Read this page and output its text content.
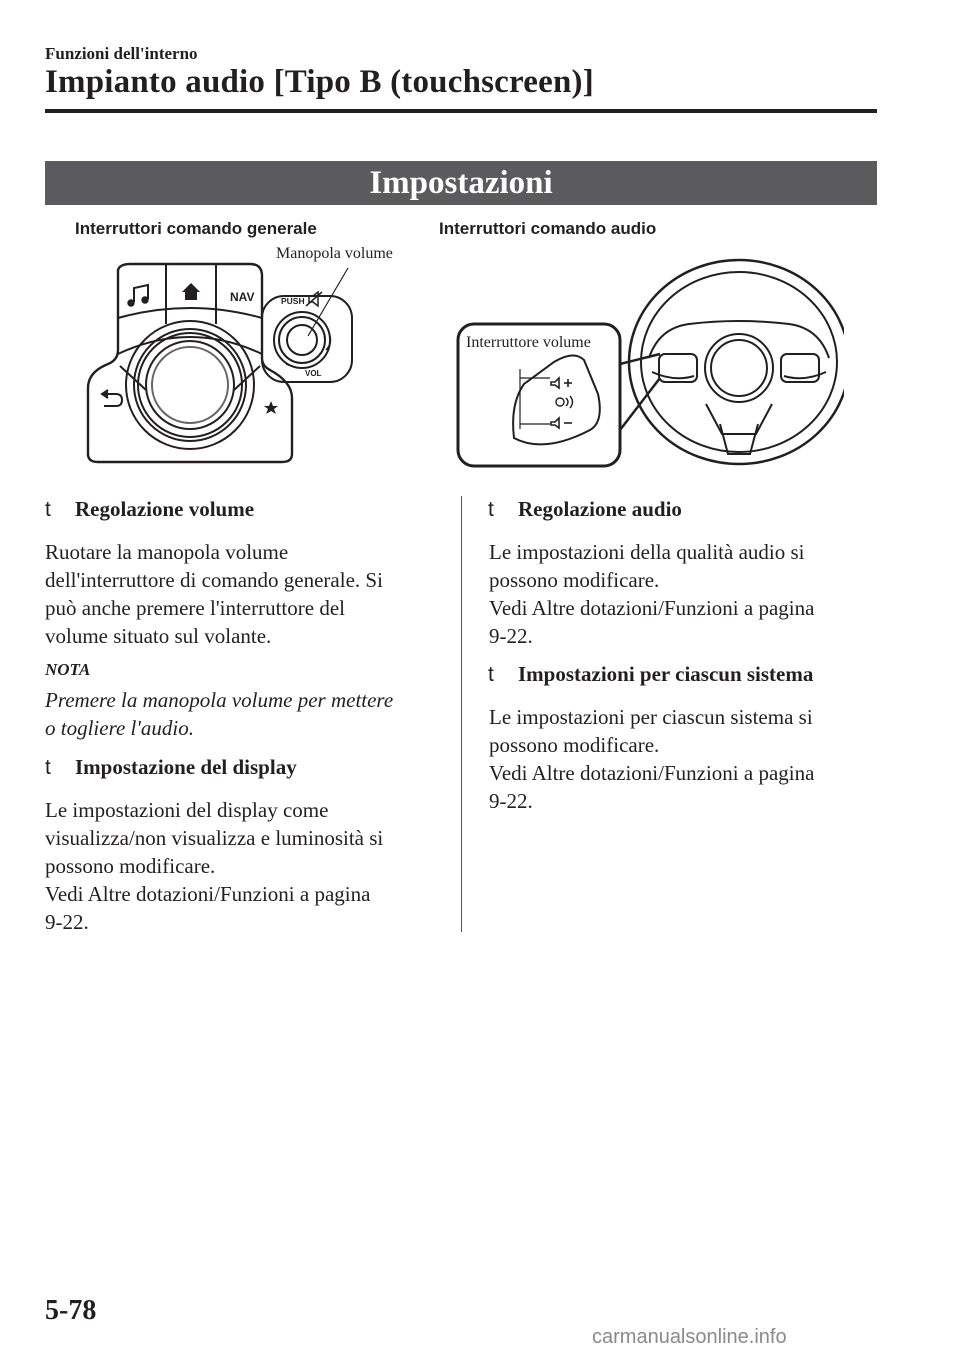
Funzioni dell'interno
Impianto audio [Tipo B (touchscreen)]
Impostazioni
Interruttori comando generale
Manopola volume
NAV	PUSH
VOL
Interruttori comando audio
Interruttore volume
t Regolazione volume
Ruotare la manopola volume
dell'interruttore di comando generale. Si
può anche premere l'interruttore del
volume situato sul volante.
NOTA
Premere la manopola volume per mettere
o togliere l'audio.
t Impostazione del display
Le impostazioni del display come
visualizza/non visualizza e luminosità si
possono modificare.
Vedi Altre dotazioni/Funzioni a pagina
9-22.
t Regolazione audio
Le impostazioni della qualità audio si
possono modificare.
Vedi Altre dotazioni/Funzioni a pagina
9-22.
t Impostazioni per ciascun sistema
Le impostazioni per ciascun sistema si
possono modificare.
Vedi Altre dotazioni/Funzioni a pagina
9-22.
5-78
carmanualsonline.info
